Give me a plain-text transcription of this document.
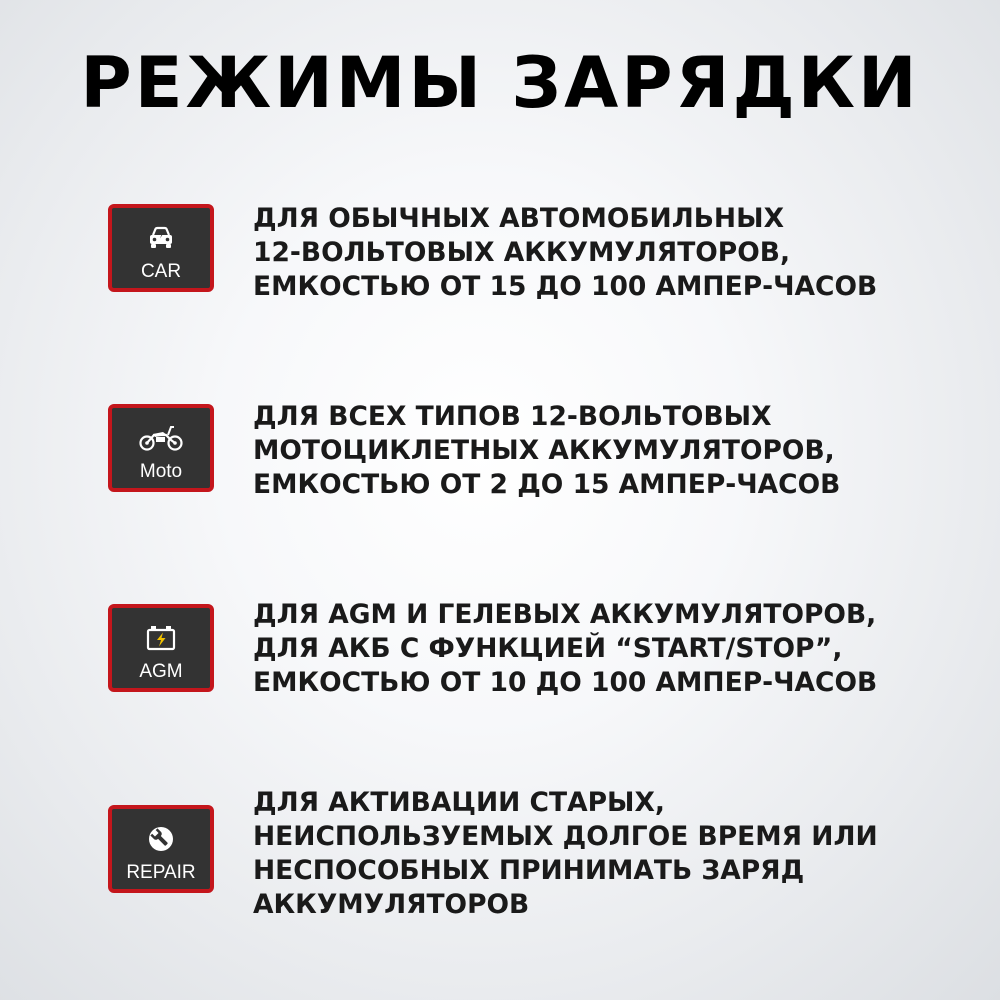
РЕЖИМЫ ЗАРЯДКИ
CAR
ДЛЯ ОБЫЧНЫХ АВТОМОБИЛЬНЫХ
12-ВОЛЬТОВЫХ АККУМУЛЯТОРОВ,
ЕМКОСТЬЮ ОТ 15 ДО 100 АМПЕР-ЧАСОВ
Moto
ДЛЯ ВСЕХ ТИПОВ 12-ВОЛЬТОВЫХ
МОТОЦИКЛЕТНЫХ АККУМУЛЯТОРОВ,
ЕМКОСТЬЮ ОТ 2 ДО 15 АМПЕР-ЧАСОВ
AGM
ДЛЯ AGM И ГЕЛЕВЫХ АККУМУЛЯТОРОВ,
ДЛЯ АКБ С ФУНКЦИЕЙ “START/STOP”,
ЕМКОСТЬЮ ОТ 10 ДО 100 АМПЕР-ЧАСОВ
REPAIR
ДЛЯ АКТИВАЦИИ СТАРЫХ,
НЕИСПОЛЬЗУЕМЫХ ДОЛГОЕ ВРЕМЯ ИЛИ
НЕСПОСОБНЫХ ПРИНИМАТЬ ЗАРЯД
АККУМУЛЯТОРОВ
